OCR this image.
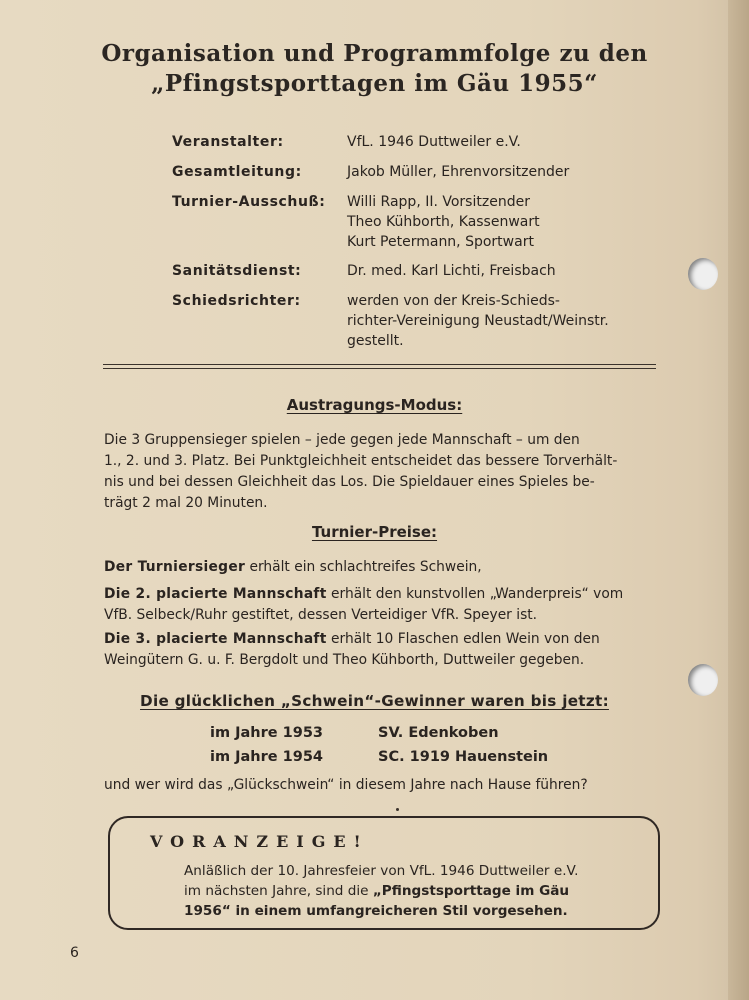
Organisation und Programmfolge zu den
„Pfingstsporttagen im Gäu 1955“
Veranstalter:	VfL. 1946 Duttweiler e.V.
Gesamtleitung:	Jakob Müller, Ehrenvorsitzender
Turnier-Ausschuß:	Willi Rapp, II. Vorsitzender
Theo Kühborth, Kassenwart
Kurt Petermann, Sportwart
Sanitätsdienst:	Dr. med. Karl Lichti, Freisbach
Schiedsrichter:	werden von der Kreis-Schieds-
richter-Vereinigung Neustadt/Weinstr.
gestellt.
Austragungs-Modus:
Die 3 Gruppensieger spielen – jede gegen jede Mannschaft – um den
1., 2. und 3. Platz. Bei Punktgleichheit entscheidet das bessere Torverhält-
nis und bei dessen Gleichheit das Los. Die Spieldauer eines Spieles be-
trägt 2 mal 20 Minuten.
Turnier-Preise:
Der Turniersieger erhält ein schlachtreifes Schwein,
Die 2. placierte Mannschaft erhält den kunstvollen „Wanderpreis“ vom
VfB. Selbeck/Ruhr gestiftet, dessen Verteidiger VfR. Speyer ist.
Die 3. placierte Mannschaft erhält 10 Flaschen edlen Wein von den
Weingütern G. u. F. Bergdolt und Theo Kühborth, Duttweiler gegeben.
Die glücklichen „Schwein“-Gewinner waren bis jetzt:
im Jahre 1953	SV. Edenkoben
im Jahre 1954	SC. 1919 Hauenstein
und wer wird das „Glückschwein“ in diesem Jahre nach Hause führen?
VORANZEIGE!
Anläßlich der 10. Jahresfeier von VfL. 1946 Duttweiler e.V.
im nächsten Jahre, sind die „Pfingstsporttage im Gäu
1956“ in einem umfangreicheren Stil vorgesehen.
6
